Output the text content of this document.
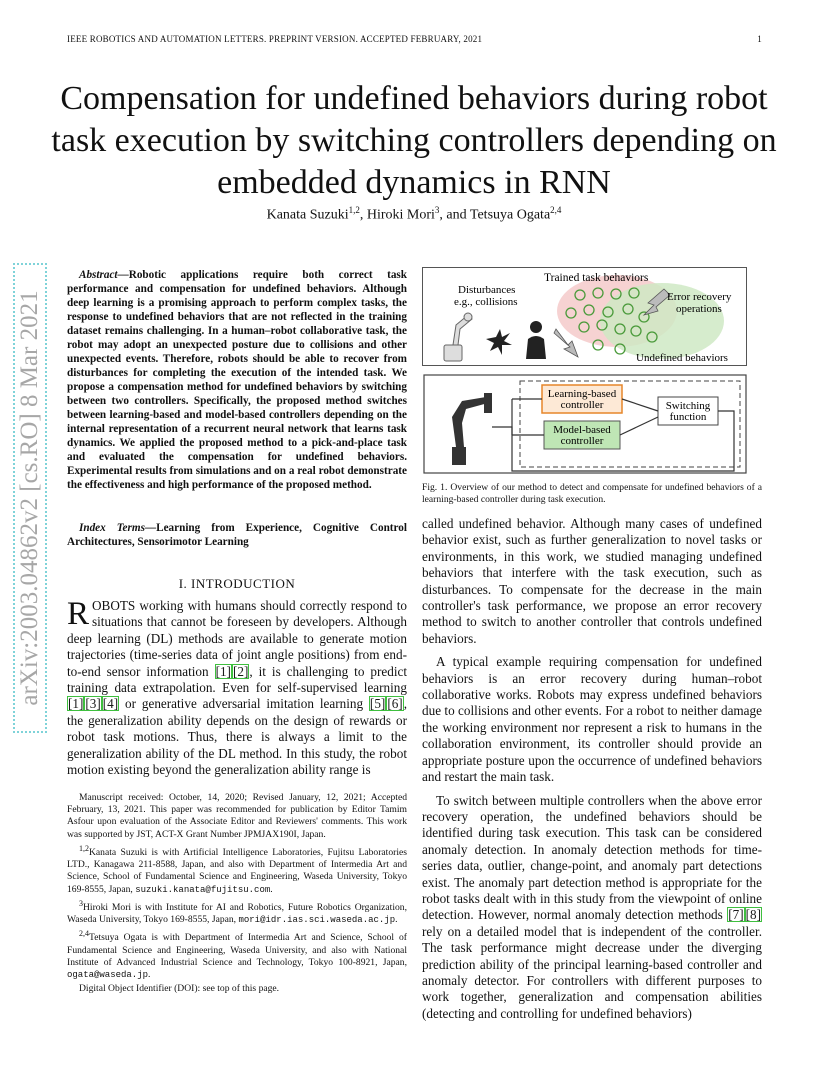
IEEE ROBOTICS AND AUTOMATION LETTERS. PREPRINT VERSION. ACCEPTED FEBRUARY, 2021	1
arXiv:2003.04862v2 [cs.RO] 8 Mar 2021
Compensation for undefined behaviors during robot task execution by switching controllers depending on embedded dynamics in RNN
Kanata Suzuki$^{1,2}$, Hiroki Mori$^3$, and Tetsuya Ogata$^{2,4}$
Abstract—Robotic applications require both correct task performance and compensation for undefined behaviors. Although deep learning is a promising approach to perform complex tasks, the response to undefined behaviors that are not reflected in the training dataset remains challenging. In a human–robot collaborative task, the robot may adopt an unexpected posture due to collisions and other unexpected events. Therefore, robots should be able to recover from disturbances for completing the execution of the intended task. We propose a compensation method for undefined behaviors by switching between two controllers. Specifically, the proposed method switches between learning-based and model-based controllers depending on the internal representation of a recurrent neural network that learns task dynamics. We applied the proposed method to a pick-and-place task and evaluated the compensation for undefined behaviors. Experimental results from simulations and on a real robot demonstrate the effectiveness and high performance of the proposed method.
Index Terms—Learning from Experience, Cognitive Control Architectures, Sensorimotor Learning
I. INTRODUCTION
ROBOTS working with humans should correctly respond to situations that cannot be foreseen by developers. Although deep learning (DL) methods are available to generate motion trajectories (time-series data of joint angle positions) from end-to-end sensor information [1] [2], it is challenging to predict training data extrapolation. Even for self-supervised learning [1] [3] [4] or generative adversarial imitation learning [5] [6], the generalization ability depends on the design of rewards or robot task motions. Thus, there is always a limit to the generalization ability of the DL method. In this study, the robot motion existing beyond the generalization ability range is

Manuscript received: October, 14, 2020; Revised January, 12, 2021; Accepted February, 13, 2021. This paper was recommended for publication by Editor Tamim Asfour upon evaluation of the Associate Editor and Reviewers' comments. This work was supported by JST, ACT-X Grant Number JPMJAX190I, Japan.

$^{1,2}$Kanata Suzuki is with Artificial Intelligence Laboratories, Fujitsu Laboratories LTD., Kanagawa 211-8588, Japan, and also with Department of Intermedia Art and Science, School of Fundamental Science and Engineering, Waseda University, Tokyo 169-8555, Japan, suzuki.kanata@fujitsu.com.

$^3$Hiroki Mori is with Institute for AI and Robotics, Future Robotics Organization, Waseda University, Tokyo 169-8555, Japan, mori@idr.ias.sci.waseda.ac.jp.

$^{2,4}$Tetsuya Ogata is with Department of Intermedia Art and Science, School of Fundamental Science and Engineering, Waseda University, and also with National Institute of Advanced Industrial Science and Technology, Tokyo 100-8921, Japan, ogata@waseda.jp.

Digital Object Identifier (DOI): see top of this page.

Trained task behaviors
Disturbances
e.g., collisions	Error recovery
operations
Undefined behaviors
Learning-based
controller
Model-based
controller
Switching
function
Fig. 1. Overview of our method to detect and compensate for undefined behaviors of a learning-based controller during task execution.

called undefined behavior. Although many cases of undefined behavior exist, such as further generalization to novel tasks or environments, in this work, we studied managing undefined behaviors that interfere with the task execution, such as disturbances. To compensate for the decrease in the main controller's task performance, we propose an error recovery method to switch to another controller that controls undefined behaviors.

A typical example requiring compensation for undefined behaviors is an error recovery during human–robot collaborative works. Robots may express undefined behaviors due to collisions and other events. For a robot to neither damage the working environment nor represent a risk to humans in the collaboration environment, its controller should provide an appropriate posture upon the occurrence of undefined behaviors and restart the main task.

To switch between multiple controllers when the above error recovery operation, the undefined behaviors should be identified during task execution. This task can be considered anomaly detection. In anomaly detection methods for time-series data, outlier, change-point, and anomaly part detections exist. The anomaly part detection method is appropriate for the robot tasks dealt with in this study from the viewpoint of online detection. However, normal anomaly detection methods [7] [8] rely on a detailed model that is independent of the controller. The task performance might decrease under the diverging prediction ability of the principal learning-based controller and anomaly detector. For controllers with different purposes to work together, generalization and compensation abilities (detecting and controlling for undefined behaviors)
